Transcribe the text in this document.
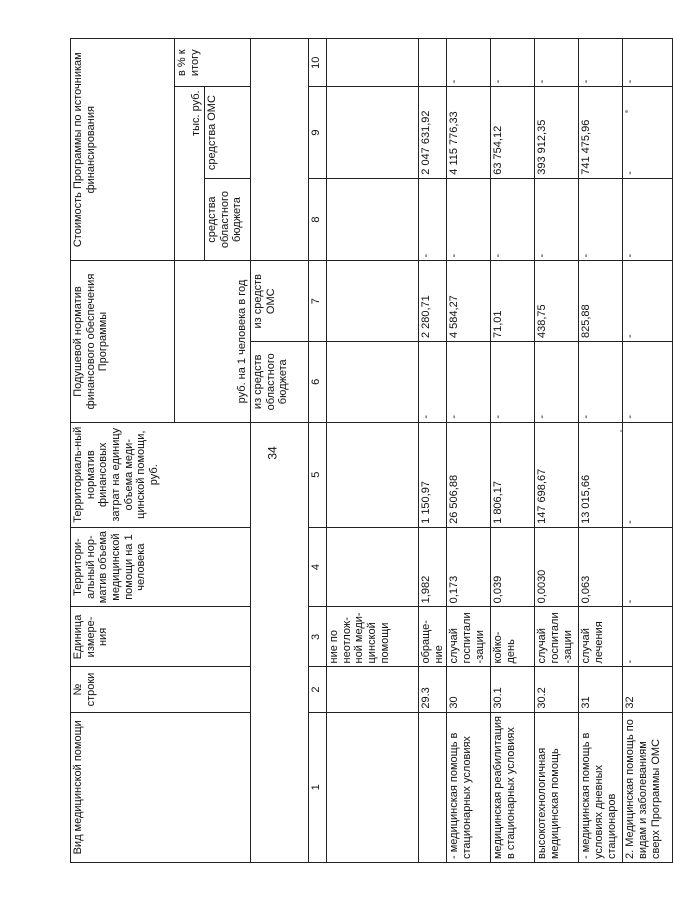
34
Вид медицинской помощи	№ строки	Единица измере-ния	Территори-альный нор-матив объема медицинской помощи на 1 человека	Территориаль-ный норматив финансовых затрат на единицу объема меди-цинской помощи, руб.	Подушевой норматив финансового обеспечения Программы		Стоимость Программы по источникам финансирования		

					руб. на 1 человека в год		тыс. руб.		в % к итогу
							средства областного бюджета	средства ОМС	
					из средств областного бюджета	из средств ОМС			
1	2	3	4	5	6	7	8	9	10
		ние по неотлож-ной меди-цинской помощи							
	29.3	обраще-ние	1,982	1 150,97	-	2 280,71	-	2 047 631,92	
- медицинская помощь в стационарных условиях	30	случай госпитали-зации	0,173	26 506,88	-	4 584,27	-	4 115 776,33	-
медицинская реабилитация в стационарных условиях	30.1	койко-день	0,039	1 806,17	-	71,01	-	63 754,12	-
высокотехнологичная медицинская помощь	30.2	случай госпитали-зации	0,0030	147 698,67	-	438,75	-	393 912,35	-
- медицинская помощь в условиях дневных стационаров	31	случай лечения	0,063	13 015,66	-	825,88	-	741 475,96	-
2. Медицинская помощь по видам и заболеваниям сверх Программы ОМС	32	-	-	-	-	-	-	-	-
